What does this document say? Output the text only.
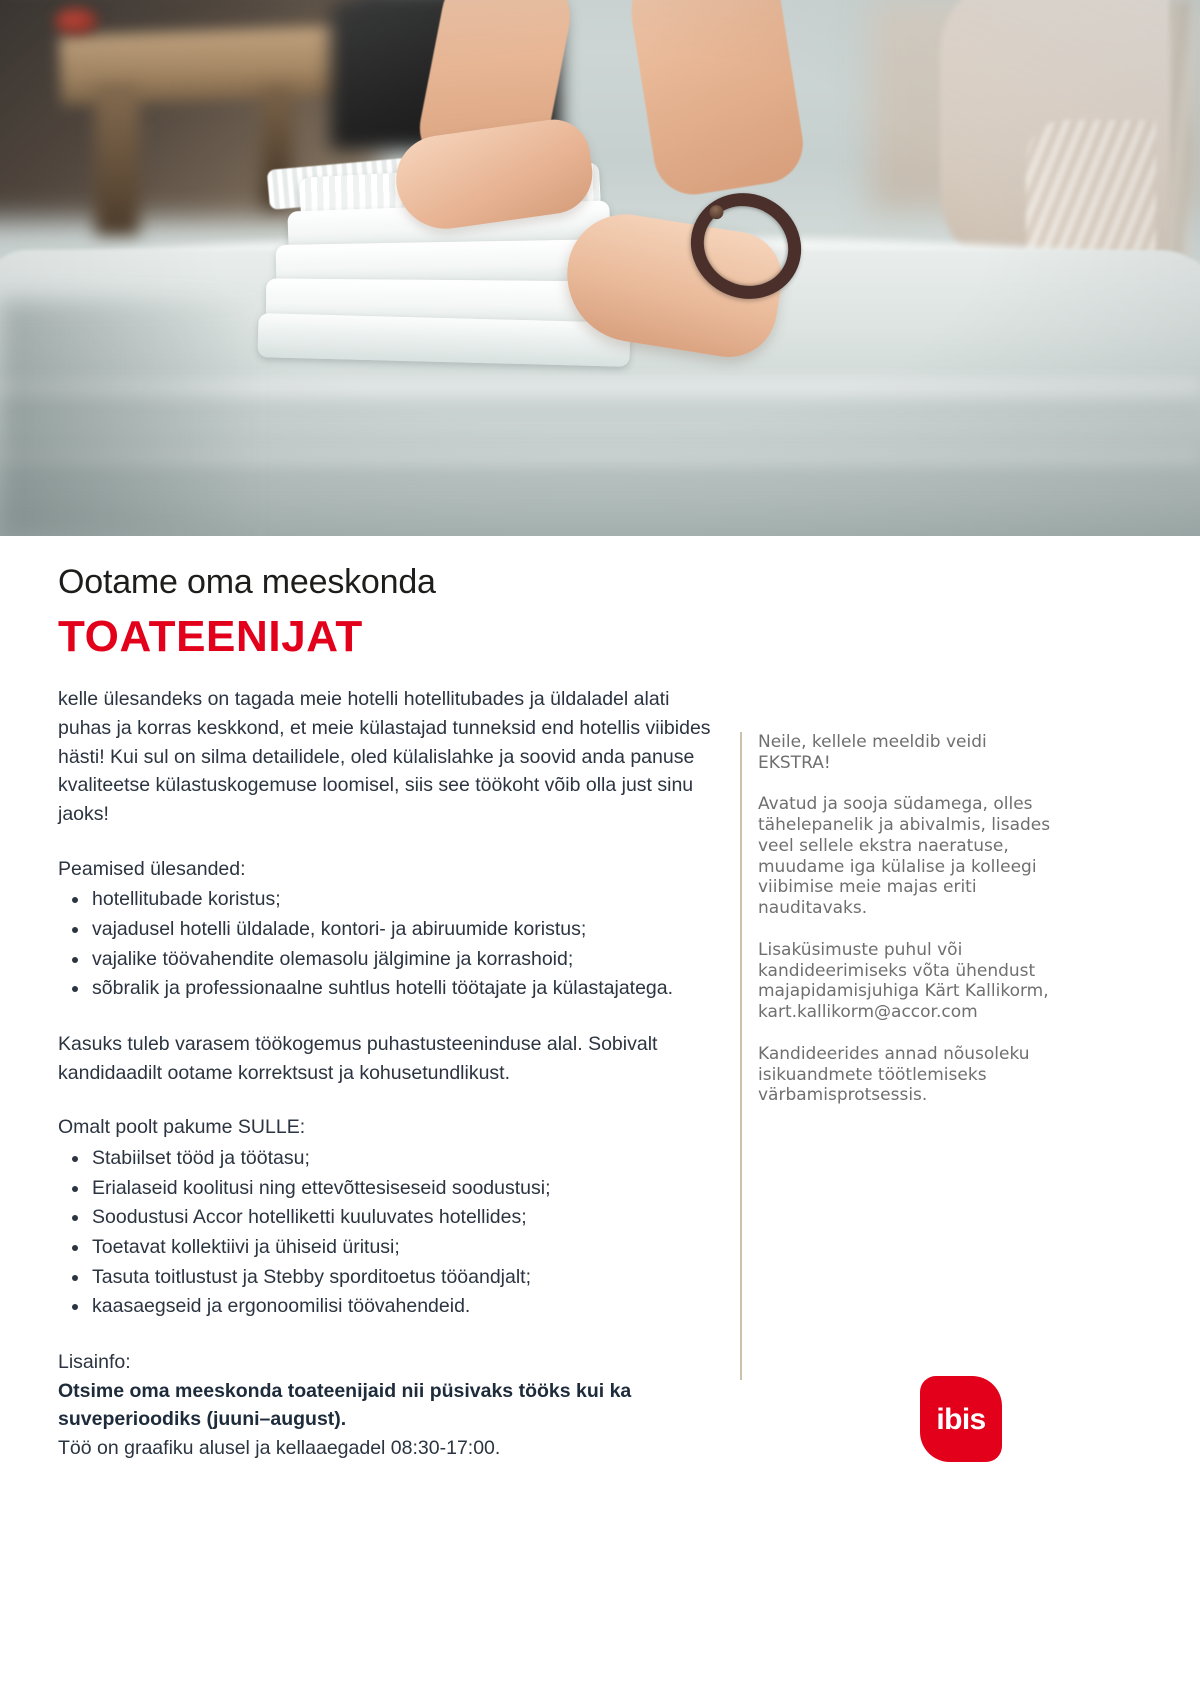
Ootame oma meeskonda

TOATEENIJAT

kelle ülesandeks on tagada meie hotelli hotellitubades ja üldaladel alati puhas ja korras keskkond, et meie külastajad tunneksid end hotellis viibides hästi! Kui sul on silma detailidele, oled külalislahke ja soovid anda panuse kvaliteetse külastuskogemuse loomisel, siis see töökoht võib olla just sinu jaoks!

Peamised ülesanded:

hotellitubade koristus;
vajadusel hotelli üldalade, kontori- ja abiruumide koristus;
vajalike töövahendite olemasolu jälgimine ja korrashoid;
sõbralik ja professionaalne suhtlus hotelli töötajate ja külastajatega.

Kasuks tuleb varasem töökogemus puhastusteeninduse alal. Sobivalt kandidaadilt ootame korrektsust ja kohusetundlikust.

Omalt poolt pakume SULLE:

Stabiilset tööd ja töötasu;
Erialaseid koolitusi ning ettevõttesiseseid soodustusi;
Soodustusi Accor hotelliketti kuuluvates hotellides;
Toetavat kollektiivi ja ühiseid üritusi;
Tasuta toitlustust ja Stebby sporditoetus tööandjalt;
kaasaegseid ja ergonoomilisi töövahendeid.

Lisainfo:

Otsime oma meeskonda toateenijaid nii püsivaks tööks kui ka suveperioodiks (juuni–august).

Töö on graafiku alusel ja kellaaegadel 08:30-17:00.

Neile, kellele meeldib veidi EKSTRA!

Avatud ja sooja südamega, olles tähelepanelik ja abivalmis, lisades veel sellele ekstra naeratuse, muudame iga külalise ja kolleegi viibimise meie majas eriti nauditavaks.

Lisaküsimuste puhul või kandideerimiseks võta ühendust majapidamisjuhiga Kärt Kallikorm, kart.kallikorm@accor.com

Kandideerides annad nõusoleku isikuandmete töötlemiseks värbamisprotsessis.

ibis
